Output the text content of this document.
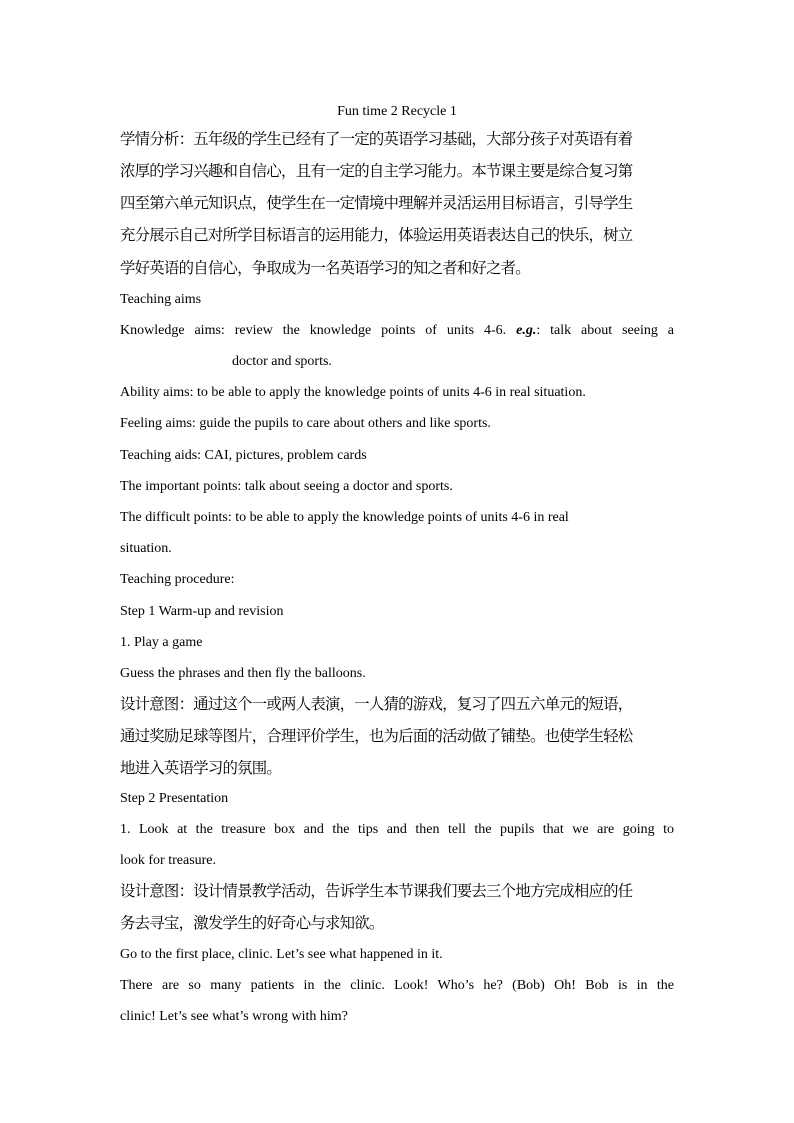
Fun time 2 Recycle 1
学情分析：五年级的学生已经有了一定的英语学习基础，大部分孩子对英语有着
浓厚的学习兴趣和自信心，且有一定的自主学习能力。本节课主要是综合复习第
四至第六单元知识点，使学生在一定情境中理解并灵活运用目标语言，引导学生
充分展示自己对所学目标语言的运用能力，体验运用英语表达自己的快乐，树立
学好英语的自信心，争取成为一名英语学习的知之者和好之者。
Teaching aims
Knowledge aims: review the knowledge points of units 4-6. e.g.: talk about seeing a
doctor and sports.
Ability aims: to be able to apply the knowledge points of units 4-6 in real situation.
Feeling aims: guide the pupils to care about others and like sports.
Teaching aids: CAI, pictures, problem cards
The important points: talk about seeing a doctor and sports.
The difficult points: to be able to apply the knowledge points of units 4-6 in real
situation.
Teaching procedure:
Step 1 Warm-up and revision
1. Play a game
Guess the phrases and then fly the balloons.
设计意图：通过这个一或两人表演，一人猜的游戏，复习了四五六单元的短语，
通过奖励足球等图片，合理评价学生，也为后面的活动做了铺垫。也使学生轻松
地进入英语学习的氛围。
Step 2 Presentation
1. Look at the treasure box and the tips and then tell the pupils that we are going to
look for treasure.
设计意图：设计情景教学活动，告诉学生本节课我们要去三个地方完成相应的任
务去寻宝，激发学生的好奇心与求知欲。
Go to the first place, clinic. Let’s see what happened in it.
There are so many patients in the clinic. Look! Who’s he? (Bob) Oh! Bob is in the
clinic! Let’s see what’s wrong with him?
